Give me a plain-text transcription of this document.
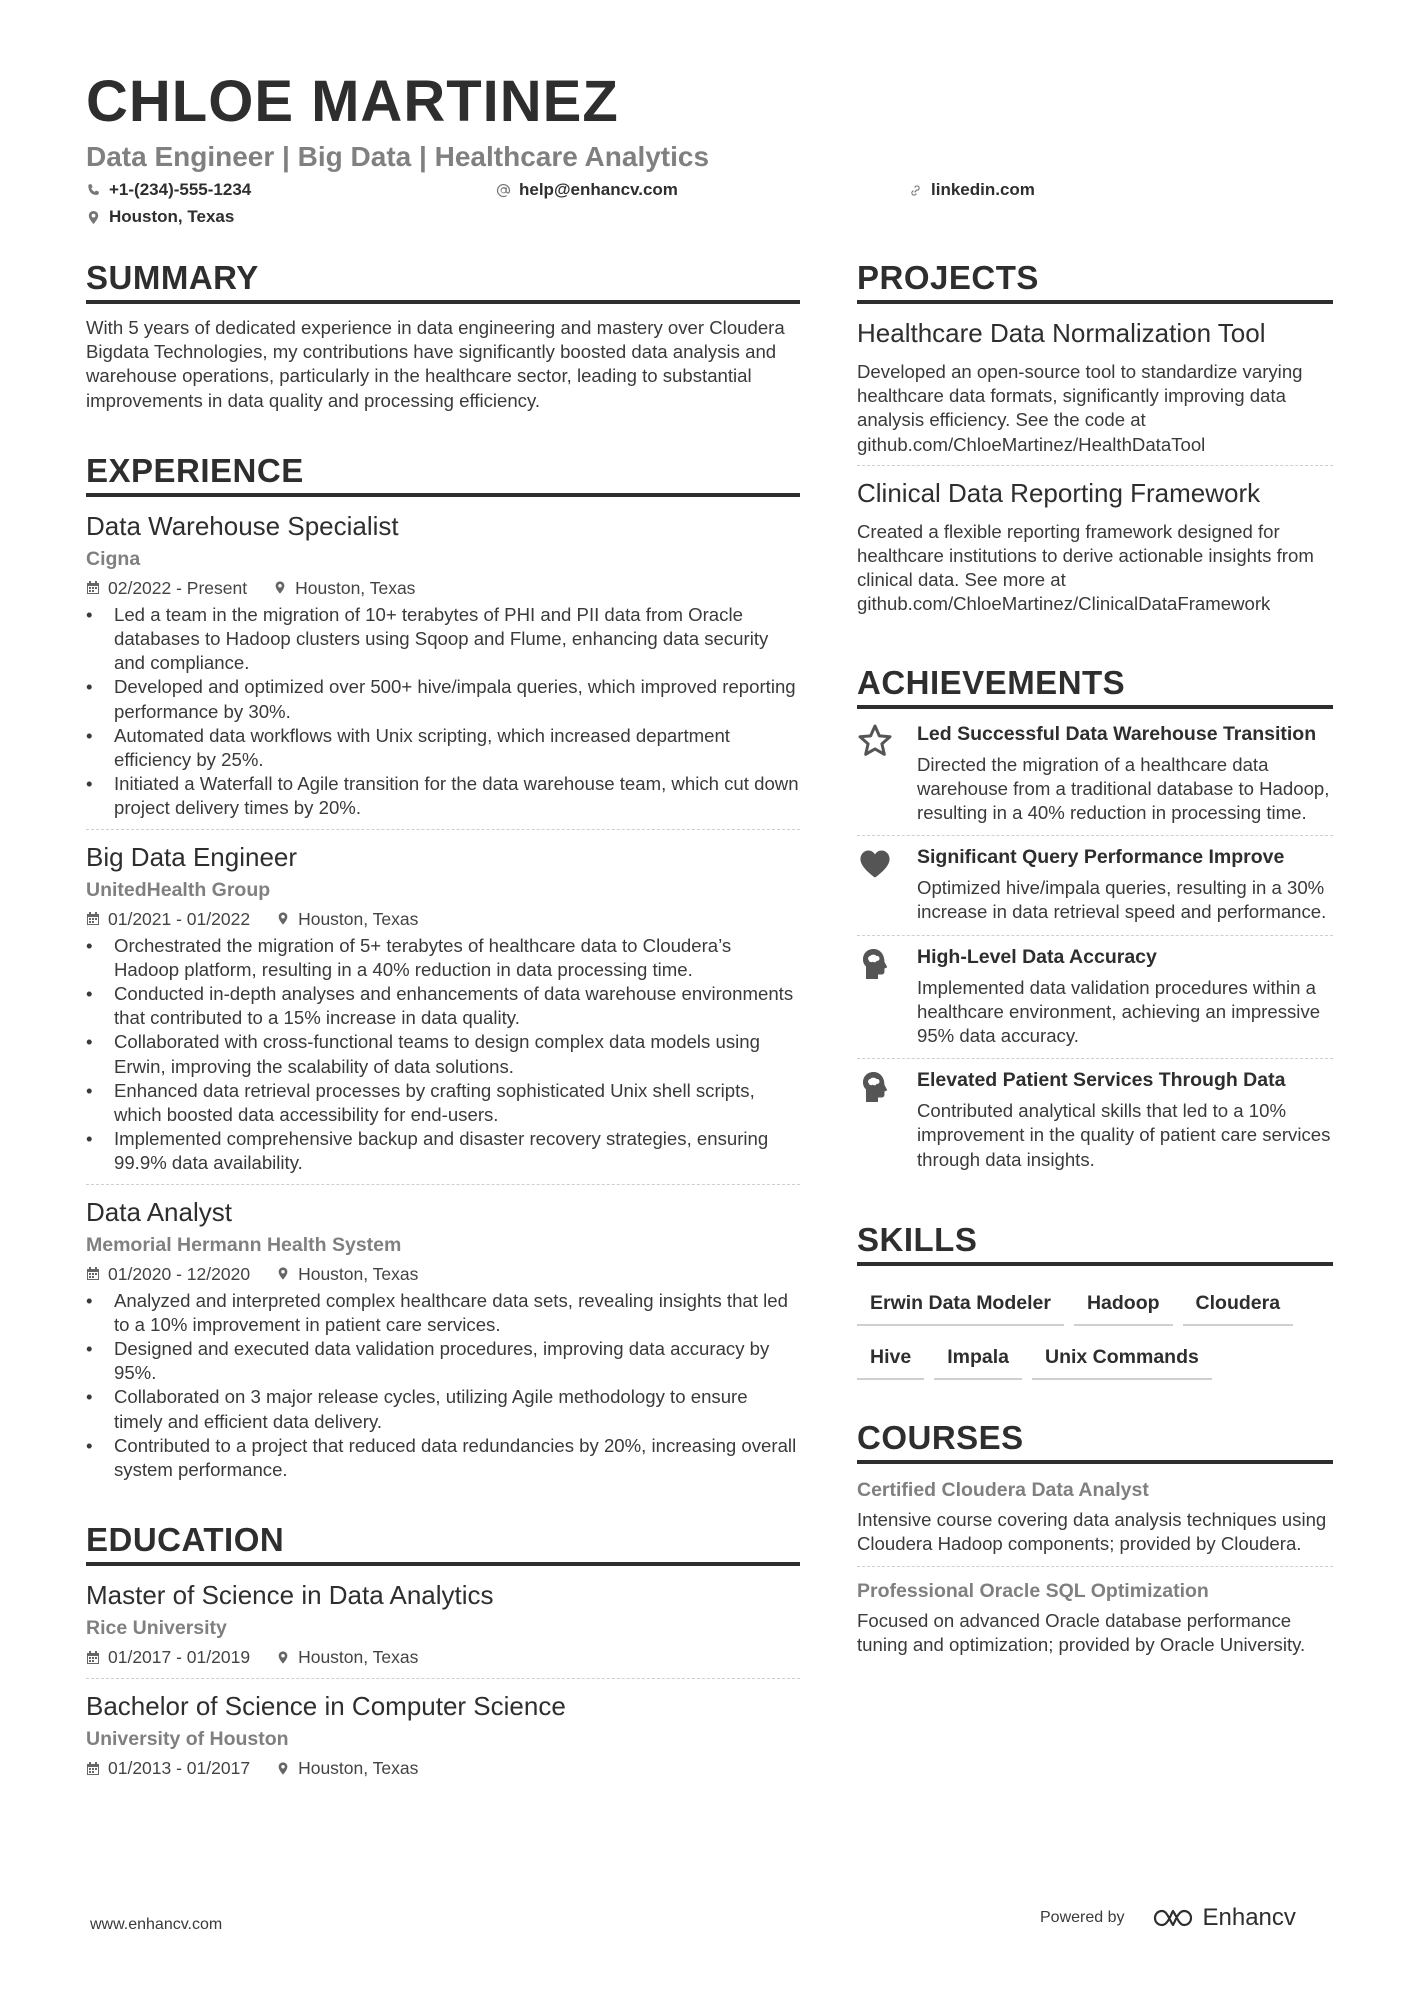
CHLOE MARTINEZ
Data Engineer | Big Data | Healthcare Analytics
+1-(234)-555-1234	help@enhancv.com	linkedin.com
Houston, Texas
SUMMARY
With 5 years of dedicated experience in data engineering and mastery over Cloudera Bigdata Technologies, my contributions have significantly boosted data analysis and warehouse operations, particularly in the healthcare sector, leading to substantial improvements in data quality and processing efficiency.
EXPERIENCE
Data Warehouse Specialist
Cigna
02/2022 - Present	Houston, Texas
• Led a team in the migration of 10+ terabytes of PHI and PII data from Oracle databases to Hadoop clusters using Sqoop and Flume, enhancing data security and compliance.
• Developed and optimized over 500+ hive/impala queries, which improved reporting performance by 30%.
• Automated data workflows with Unix scripting, which increased department efficiency by 25%.
• Initiated a Waterfall to Agile transition for the data warehouse team, which cut down project delivery times by 20%.
Big Data Engineer
UnitedHealth Group
01/2021 - 01/2022	Houston, Texas
• Orchestrated the migration of 5+ terabytes of healthcare data to Cloudera’s Hadoop platform, resulting in a 40% reduction in data processing time.
• Conducted in-depth analyses and enhancements of data warehouse environments that contributed to a 15% increase in data quality.
• Collaborated with cross-functional teams to design complex data models using Erwin, improving the scalability of data solutions.
• Enhanced data retrieval processes by crafting sophisticated Unix shell scripts, which boosted data accessibility for end-users.
• Implemented comprehensive backup and disaster recovery strategies, ensuring 99.9% data availability.
Data Analyst
Memorial Hermann Health System
01/2020 - 12/2020	Houston, Texas
• Analyzed and interpreted complex healthcare data sets, revealing insights that led to a 10% improvement in patient care services.
• Designed and executed data validation procedures, improving data accuracy by 95%.
• Collaborated on 3 major release cycles, utilizing Agile methodology to ensure timely and efficient data delivery.
• Contributed to a project that reduced data redundancies by 20%, increasing overall system performance.
EDUCATION
Master of Science in Data Analytics
Rice University
01/2017 - 01/2019	Houston, Texas
Bachelor of Science in Computer Science
University of Houston
01/2013 - 01/2017	Houston, Texas
PROJECTS
Healthcare Data Normalization Tool
Developed an open-source tool to standardize varying healthcare data formats, significantly improving data analysis efficiency. See the code at github.com/ChloeMartinez/HealthDataTool
Clinical Data Reporting Framework
Created a flexible reporting framework designed for healthcare institutions to derive actionable insights from clinical data. See more at github.com/ChloeMartinez/ClinicalDataFramework
ACHIEVEMENTS
Led Successful Data Warehouse Transition
Directed the migration of a healthcare data warehouse from a traditional database to Hadoop, resulting in a 40% reduction in processing time.
Significant Query Performance Improve
Optimized hive/impala queries, resulting in a 30% increase in data retrieval speed and performance.
High-Level Data Accuracy
Implemented data validation procedures within a healthcare environment, achieving an impressive 95% data accuracy.
Elevated Patient Services Through Data
Contributed analytical skills that led to a 10% improvement in the quality of patient care services through data insights.
SKILLS
Erwin Data Modeler	Hadoop	Cloudera
Hive	Impala	Unix Commands
COURSES
Certified Cloudera Data Analyst
Intensive course covering data analysis techniques using Cloudera Hadoop components; provided by Cloudera.
Professional Oracle SQL Optimization
Focused on advanced Oracle database performance tuning and optimization; provided by Oracle University.
www.enhancv.com	Powered by	Enhancv
